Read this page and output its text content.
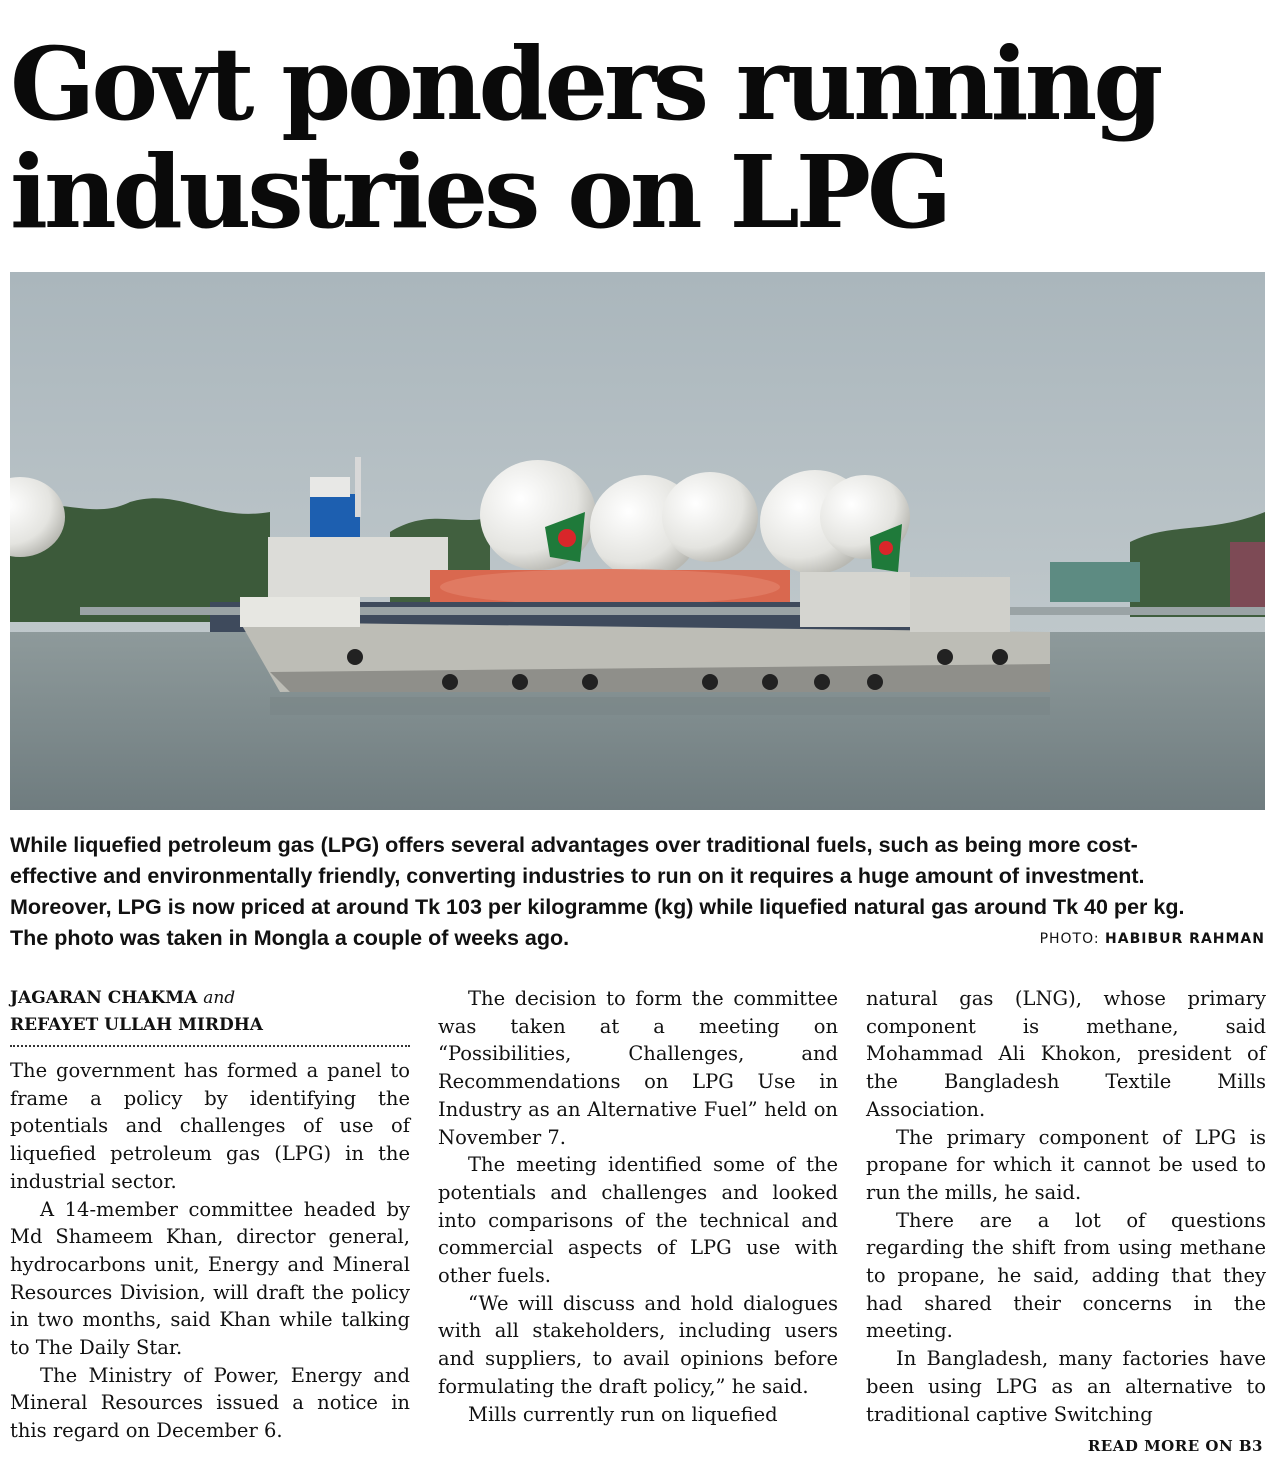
Govt ponders running
industries on LPG

While liquefied petroleum gas (LPG) offers several advantages over traditional fuels, such as being more cost-
effective and environmentally friendly, converting industries to run on it requires a huge amount of investment.
Moreover, LPG is now priced at around Tk 103 per kilogramme (kg) while liquefied natural gas around Tk 40 per kg.
The photo was taken in Mongla a couple of weeks ago.	PHOTO: HABIBUR RAHMAN
JAGARAN CHAKMA and
REFAYET ULLAH MIRDHA

The government has formed a panel to frame a policy by identifying the potentials and challenges of use of liquefied petroleum gas (LPG) in the industrial sector.

A 14-member committee headed by Md Shameem Khan, director general, hydrocarbons unit, Energy and Mineral Resources Division, will draft the policy in two months, said Khan while talking to The Daily Star.

The Ministry of Power, Energy and Mineral Resources issued a notice in this regard on December 6.

The decision to form the committee was taken at a meeting on “Possibilities, Challenges, and Recommendations on LPG Use in Industry as an Alternative Fuel” held on November 7.

The meeting identified some of the potentials and challenges and looked into comparisons of the technical and commercial aspects of LPG use with other fuels.

“We will discuss and hold dialogues with all stakeholders, including users and suppliers, to avail opinions before formulating the draft policy,” he said.

Mills currently run on liquefied

natural gas (LNG), whose primary component is methane, said Mohammad Ali Khokon, president of the Bangladesh Textile Mills Association.

The primary component of LPG is propane for which it cannot be used to run the mills, he said.

There are a lot of questions regarding the shift from using methane to propane, he said, adding that they had shared their concerns in the meeting.

In Bangladesh, many factories have been using LPG as an alternative to traditional captive Switching

READ MORE ON B3
